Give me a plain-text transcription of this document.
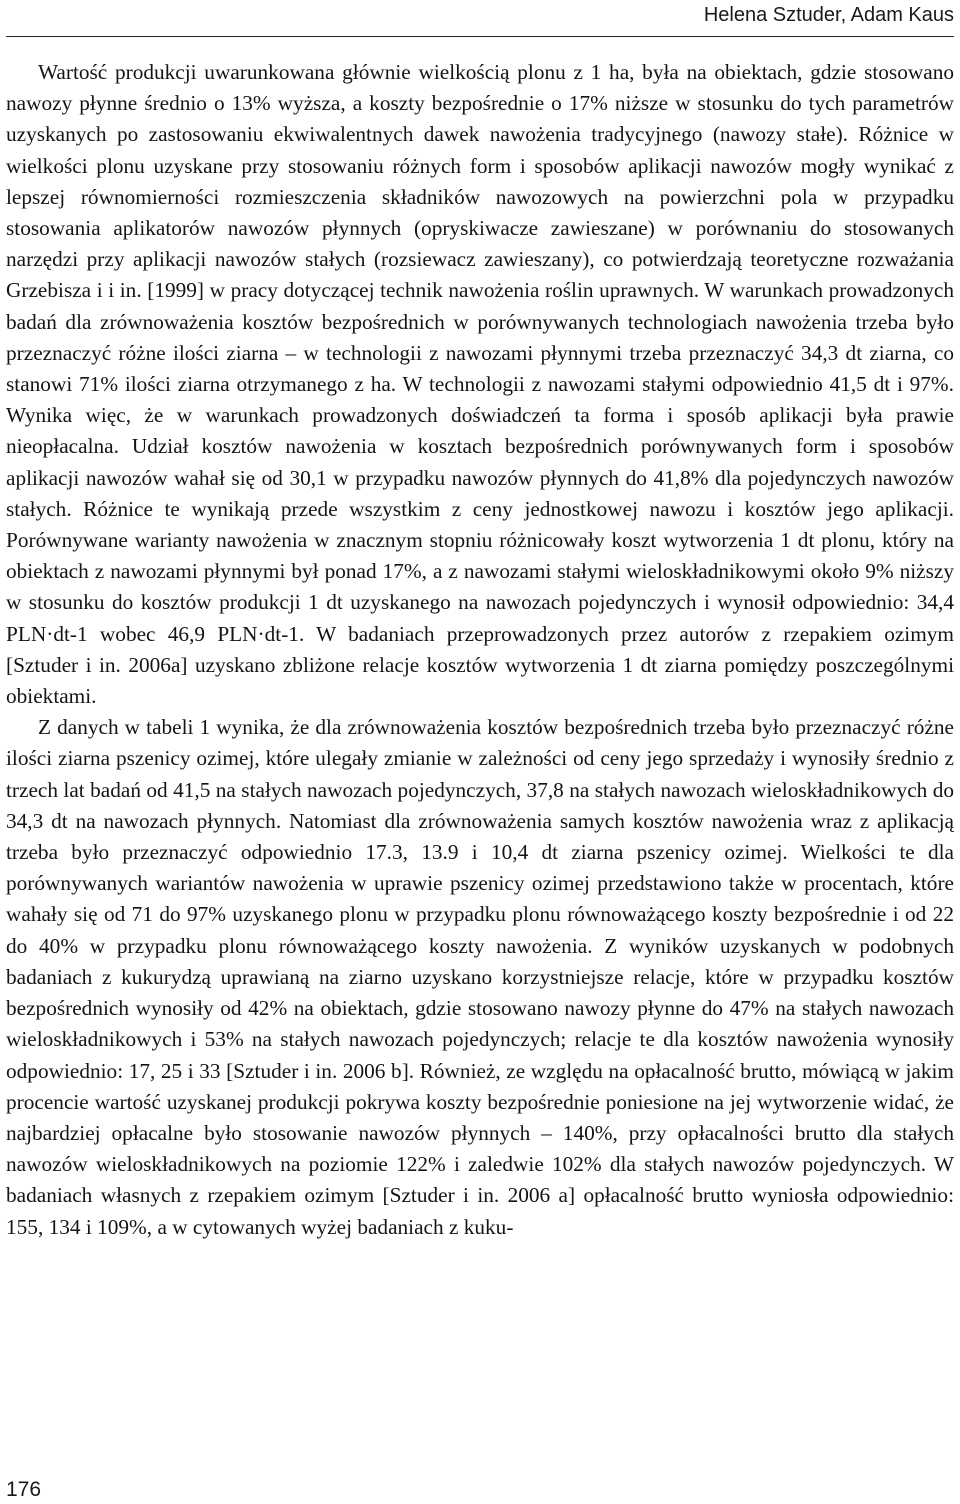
Helena Sztuder, Adam Kaus

Wartość produkcji uwarunkowana głównie wielkością plonu z 1 ha, była na obiektach, gdzie stosowano nawozy płynne średnio o 13% wyższa, a koszty bezpośrednie o 17% niższe w stosunku do tych parametrów uzyskanych po zastosowaniu ekwiwalentnych dawek nawożenia tradycyjnego (nawozy stałe). Różnice w wielkości plonu uzyskane przy stosowaniu różnych form i sposobów aplikacji nawozów mogły wynikać z lepszej równomierności rozmieszczenia składników nawozowych na powierzchni pola w przypadku stosowania aplikatorów nawozów płynnych (opryskiwacze zawieszane) w porównaniu do stosowanych narzędzi przy aplikacji nawozów stałych (rozsiewacz zawieszany), co potwierdzają teoretyczne rozważania Grzebisza i i in. [1999] w pracy dotyczącej technik nawożenia roślin uprawnych. W warunkach prowadzonych badań dla zrównoważenia kosztów bezpośrednich w porównywanych technologiach nawożenia trzeba było przeznaczyć różne ilości ziarna – w technologii z nawozami płynnymi trzeba przeznaczyć 34,3 dt ziarna, co stanowi 71% ilości ziarna otrzymanego z ha. W technologii z nawozami stałymi odpowiednio 41,5 dt i 97%. Wynika więc, że w warunkach prowadzonych doświadczeń ta forma i sposób aplikacji była prawie nieopłacalna. Udział kosztów nawożenia w kosztach bezpośrednich porównywanych form i sposobów aplikacji nawozów wahał się od 30,1 w przypadku nawozów płynnych do 41,8% dla pojedynczych nawozów stałych. Różnice te wynikają przede wszystkim z ceny jednostkowej nawozu i kosztów jego aplikacji. Porównywane warianty nawożenia w znacznym stopniu różnicowały koszt wytworzenia 1 dt plonu, który na obiektach z nawozami płynnymi był ponad 17%, a z nawozami stałymi wieloskładnikowymi około 9% niższy w stosunku do kosztów produkcji 1 dt uzyskanego na nawozach pojedynczych i wynosił odpowiednio: 34,4 PLN·dt-1 wobec 46,9 PLN·dt-1. W badaniach przeprowadzonych przez autorów z rzepakiem ozimym [Sztuder i in. 2006a] uzyskano zbliżone relacje kosztów wytworzenia 1 dt ziarna pomiędzy poszczególnymi obiektami.

Z danych w tabeli 1 wynika, że dla zrównoważenia kosztów bezpośrednich trzeba było przeznaczyć różne ilości ziarna pszenicy ozimej, które ulegały zmianie w zależności od ceny jego sprzedaży i wynosiły średnio z trzech lat badań od 41,5 na stałych nawozach pojedynczych, 37,8 na stałych nawozach wieloskładnikowych do 34,3 dt na nawozach płynnych. Natomiast dla zrównoważenia samych kosztów nawożenia wraz z aplikacją trzeba było przeznaczyć odpowiednio 17.3, 13.9 i 10,4 dt ziarna pszenicy ozimej. Wielkości te dla porównywanych wariantów nawożenia w uprawie pszenicy ozimej przedstawiono także w procentach, które wahały się od 71 do 97% uzyskanego plonu w przypadku plonu równoważącego koszty bezpośrednie i od 22 do 40% w przypadku plonu równoważącego koszty nawożenia. Z wyników uzyskanych w podobnych badaniach z kukurydzą uprawianą na ziarno uzyskano korzystniejsze relacje, które w przypadku kosztów bezpośrednich wynosiły od 42% na obiektach, gdzie stosowano nawozy płynne do 47% na stałych nawozach wieloskładnikowych i 53% na stałych nawozach pojedynczych; relacje te dla kosztów nawożenia wynosiły odpowiednio: 17, 25 i 33 [Sztuder i in. 2006 b]. Również, ze względu na opłacalność brutto, mówiącą w jakim procencie wartość uzyskanej produkcji pokrywa koszty bezpośrednie poniesione na jej wytworzenie widać, że najbardziej opłacalne było stosowanie nawozów płynnych – 140%, przy opłacalności brutto dla stałych nawozów wieloskładnikowych na poziomie 122% i zaledwie 102% dla stałych nawozów pojedynczych. W badaniach własnych z rzepakiem ozimym [Sztuder i in. 2006 a] opłacalność brutto wyniosła odpowiednio: 155, 134 i 109%, a w cytowanych wyżej badaniach z kuku-

176
